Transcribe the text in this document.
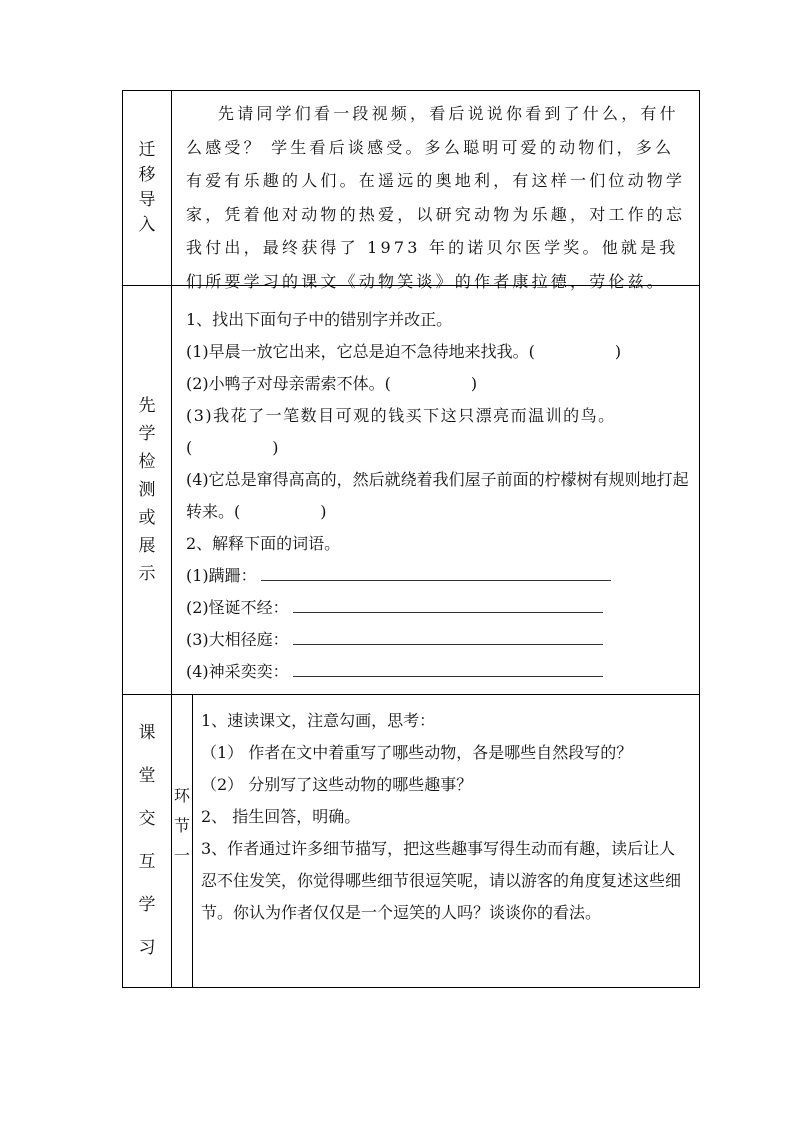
迁
移
导
入

先请同学们看一段视频，看后说说你看到了什么，有什么感受？ 学生看后谈感受。多么聪明可爱的动物们，多么有爱有乐趣的人们。在遥远的奥地利，有这样一们位动物学家，凭着他对动物的热爱，以研究动物为乐趣，对工作的忘我付出，最终获得了 1973 年的诺贝尔医学奖。他就是我们所要学习的课文《动物笑谈》的作者康拉德，劳伦兹。

先
学
检
测
或
展
示

1、找出下面句子中的错别字并改正。

(1)早晨一放它出来，它总是迫不急待地来找我。(	)

(2)小鸭子对母亲需索不体。(	)

(3)我花了一笔数目可观的钱买下这只漂亮而温训的鸟。

(	)

(4)它总是窜得高高的，然后就绕着我们屋子前面的柠檬树有规则地打起转来。(	)

2、解释下面的词语。

(1)蹒跚：

(2)怪诞不经：

(3)大相径庭：

(4)神采奕奕：

课
堂
交
互
学
习
环
节
一

1、速读课文，注意勾画，思考：

（1） 作者在文中着重写了哪些动物，各是哪些自然段写的？

（2） 分别写了这些动物的哪些趣事？

2、 指生回答，明确。

3、作者通过许多细节描写，把这些趣事写得生动而有趣，读后让人忍不住发笑，你觉得哪些细节很逗笑呢，请以游客的角度复述这些细节。你认为作者仅仅是一个逗笑的人吗？谈谈你的看法。
